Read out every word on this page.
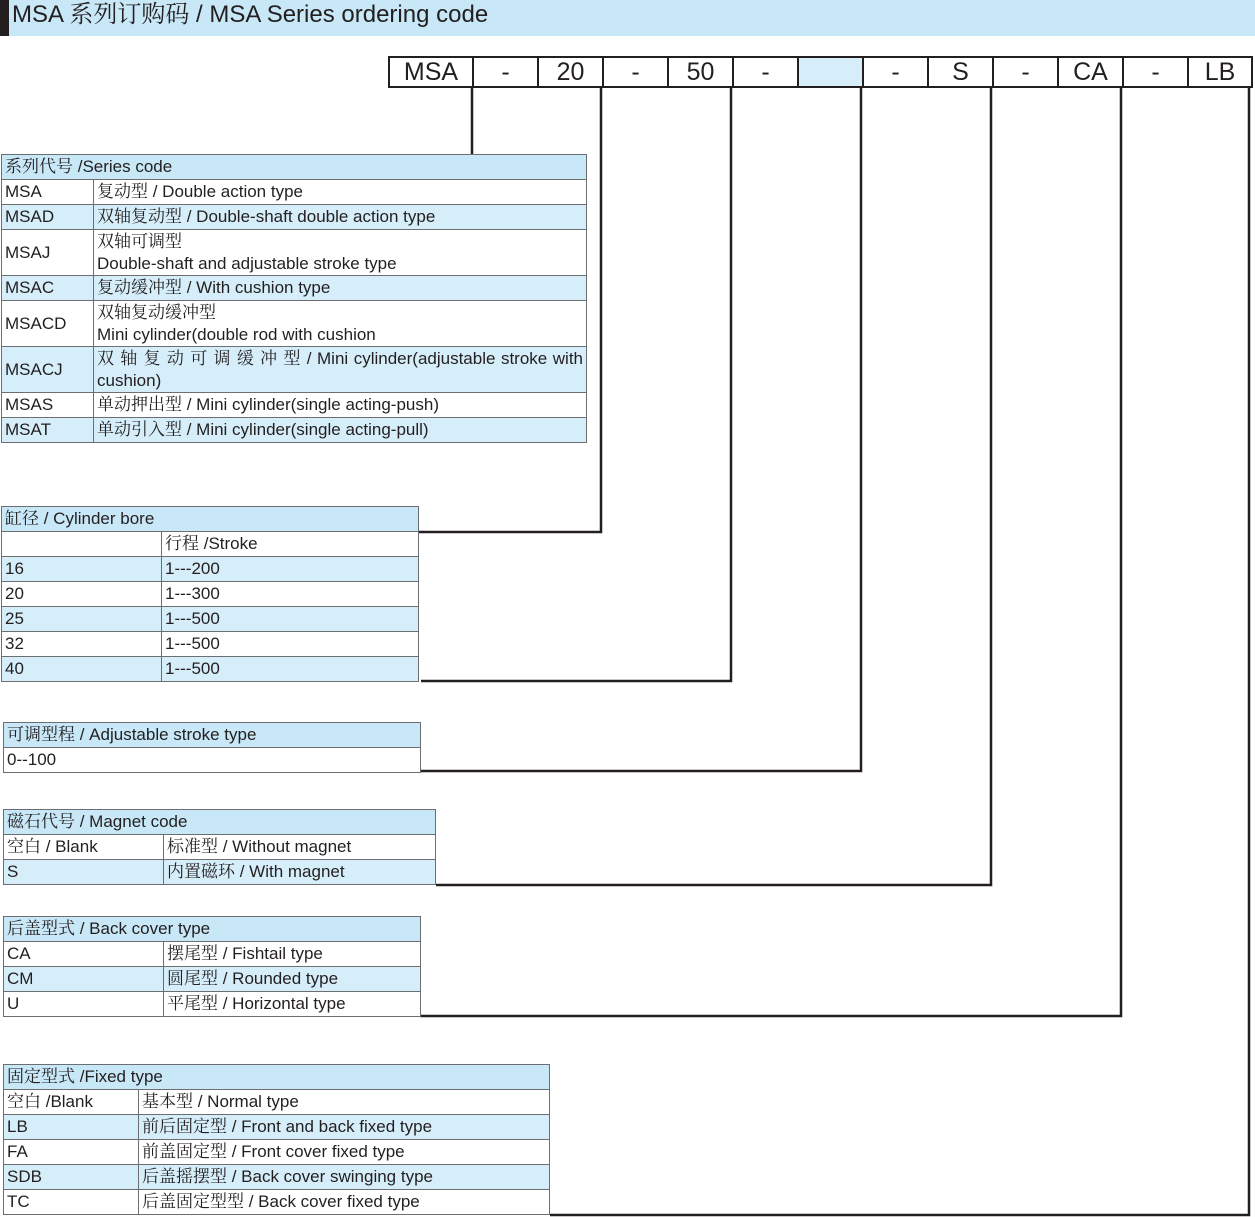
MSA 系列订购码 / MSA Series ordering code
MSA	-	20	-	50	-	-	S	-	CA	-	LB
系列代号 /Series code	
MSA	复动型 / Double action type
MSAD	双轴复动型 / Double-shaft double action type
MSAJ	双轴可调型
Double-shaft and adjustable stroke type

MSAC	复动缓冲型 / With cushion type
MSACD	双轴复动缓冲型
Mini cylinder(double rod with cushion

MSACJ	双 轴 复 动 可 调 缓 冲 型 / Mini cylinder(adjustable stroke with
cushion)

MSAS	单动押出型 / Mini cylinder(single acting-push)
MSAT	单动引入型 / Mini cylinder(single acting-pull)
缸径 / Cylinder bore	
	行程 /Stroke
16	1---200
20	1---300
25	1---500
32	1---500
40	1---500
可调型程 / Adjustable stroke type
0--100
磁石代号 / Magnet code	
空白 / Blank	标准型 / Without magnet
S	内置磁环 / With magnet
后盖型式 / Back cover type	
CA	摆尾型 / Fishtail type
CM	圆尾型 / Rounded type
U	平尾型 / Horizontal type
固定型式 /Fixed type	
空白 /Blank	基本型 / Normal type
LB	前后固定型 / Front and back fixed type
FA	前盖固定型 / Front cover fixed type
SDB	后盖摇摆型 / Back cover swinging type
TC	后盖固定型型 / Back cover fixed type
